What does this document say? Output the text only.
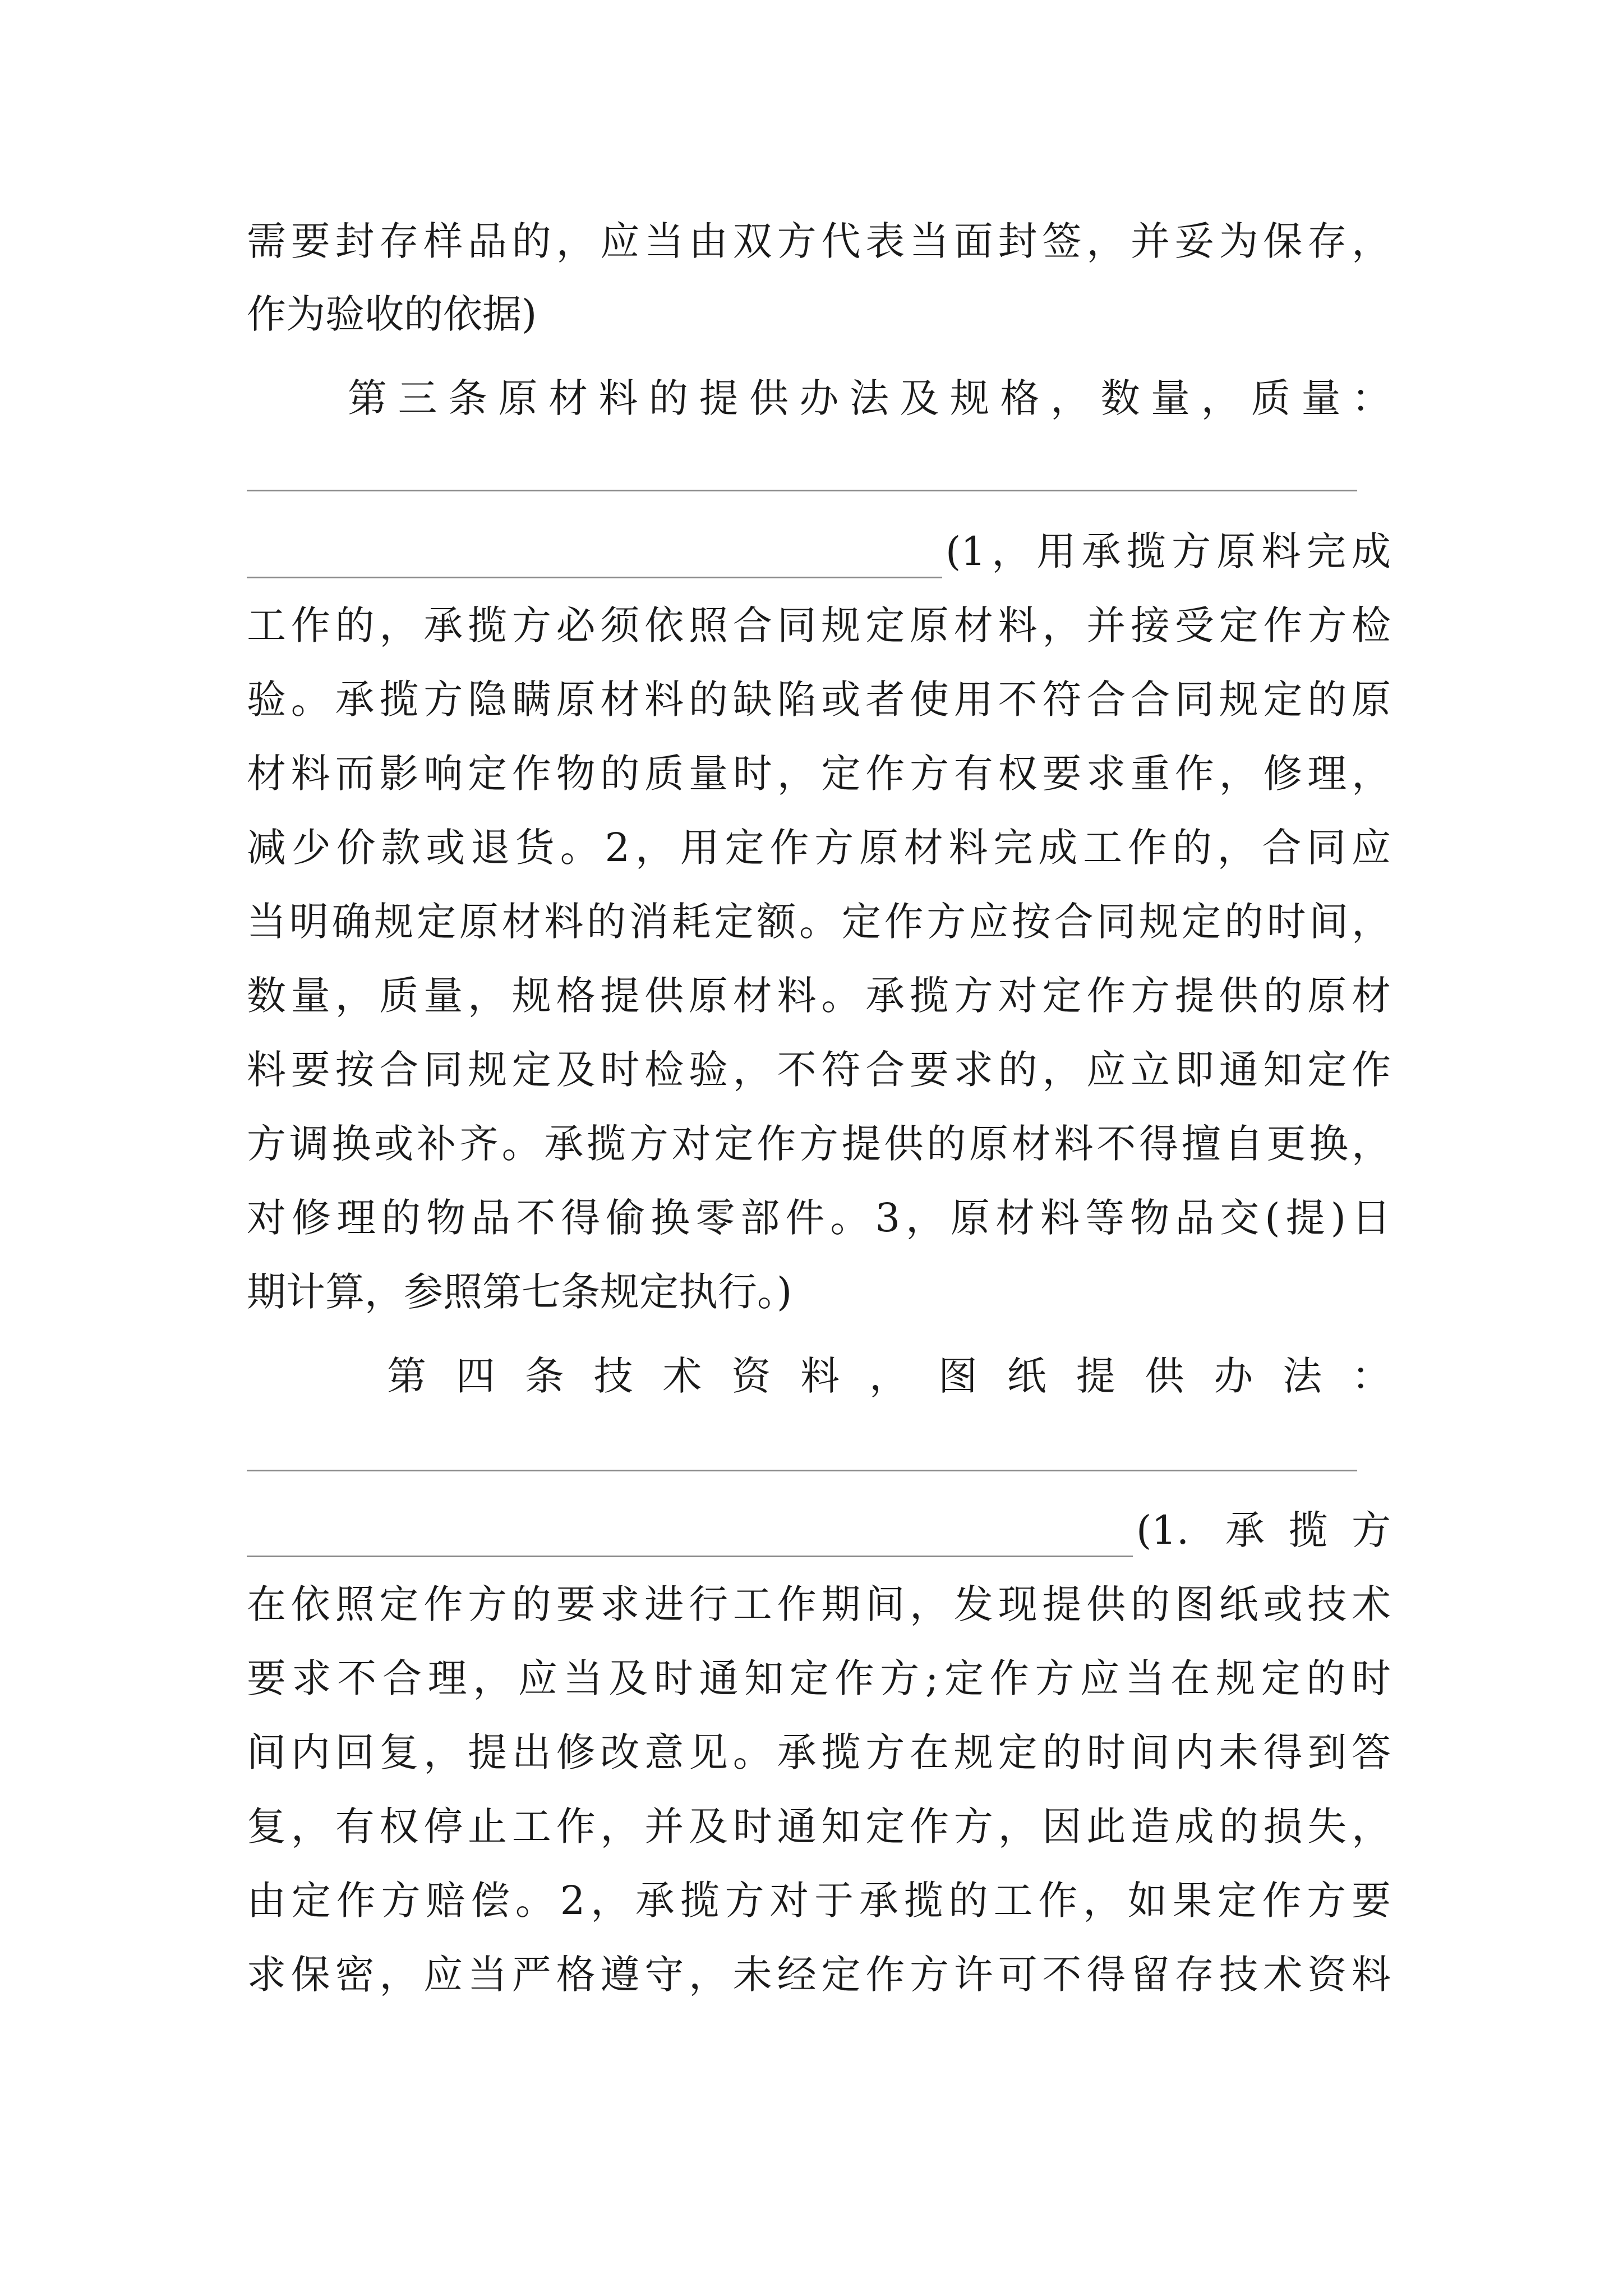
需要封存样品的，应当由双方代表当面封签，并妥为保存，
作为验收的依据)
第三条原材料的提供办法及规格，数量，质量：
(1，用承揽方原料完成
工作的，承揽方必须依照合同规定原材料，并接受定作方检
验。承揽方隐瞒原材料的缺陷或者使用不符合合同规定的原
材料而影响定作物的质量时，定作方有权要求重作，修理，
减少价款或退货。2，用定作方原材料完成工作的，合同应
当明确规定原材料的消耗定额。定作方应按合同规定的时间，
数量，质量，规格提供原材料。承揽方对定作方提供的原材
料要按合同规定及时检验，不符合要求的，应立即通知定作
方调换或补齐。承揽方对定作方提供的原材料不得擅自更换，
对修理的物品不得偷换零部件。3，原材料等物品交(提)日
期计算，参照第七条规定执行。)
第四条技术资料，图纸提供办法：
(1. 承揽方
在依照定作方的要求进行工作期间，发现提供的图纸或技术
要求不合理，应当及时通知定作方;定作方应当在规定的时
间内回复，提出修改意见。承揽方在规定的时间内未得到答
复，有权停止工作，并及时通知定作方，因此造成的损失，
由定作方赔偿。2，承揽方对于承揽的工作，如果定作方要
求保密，应当严格遵守，未经定作方许可不得留存技术资料
